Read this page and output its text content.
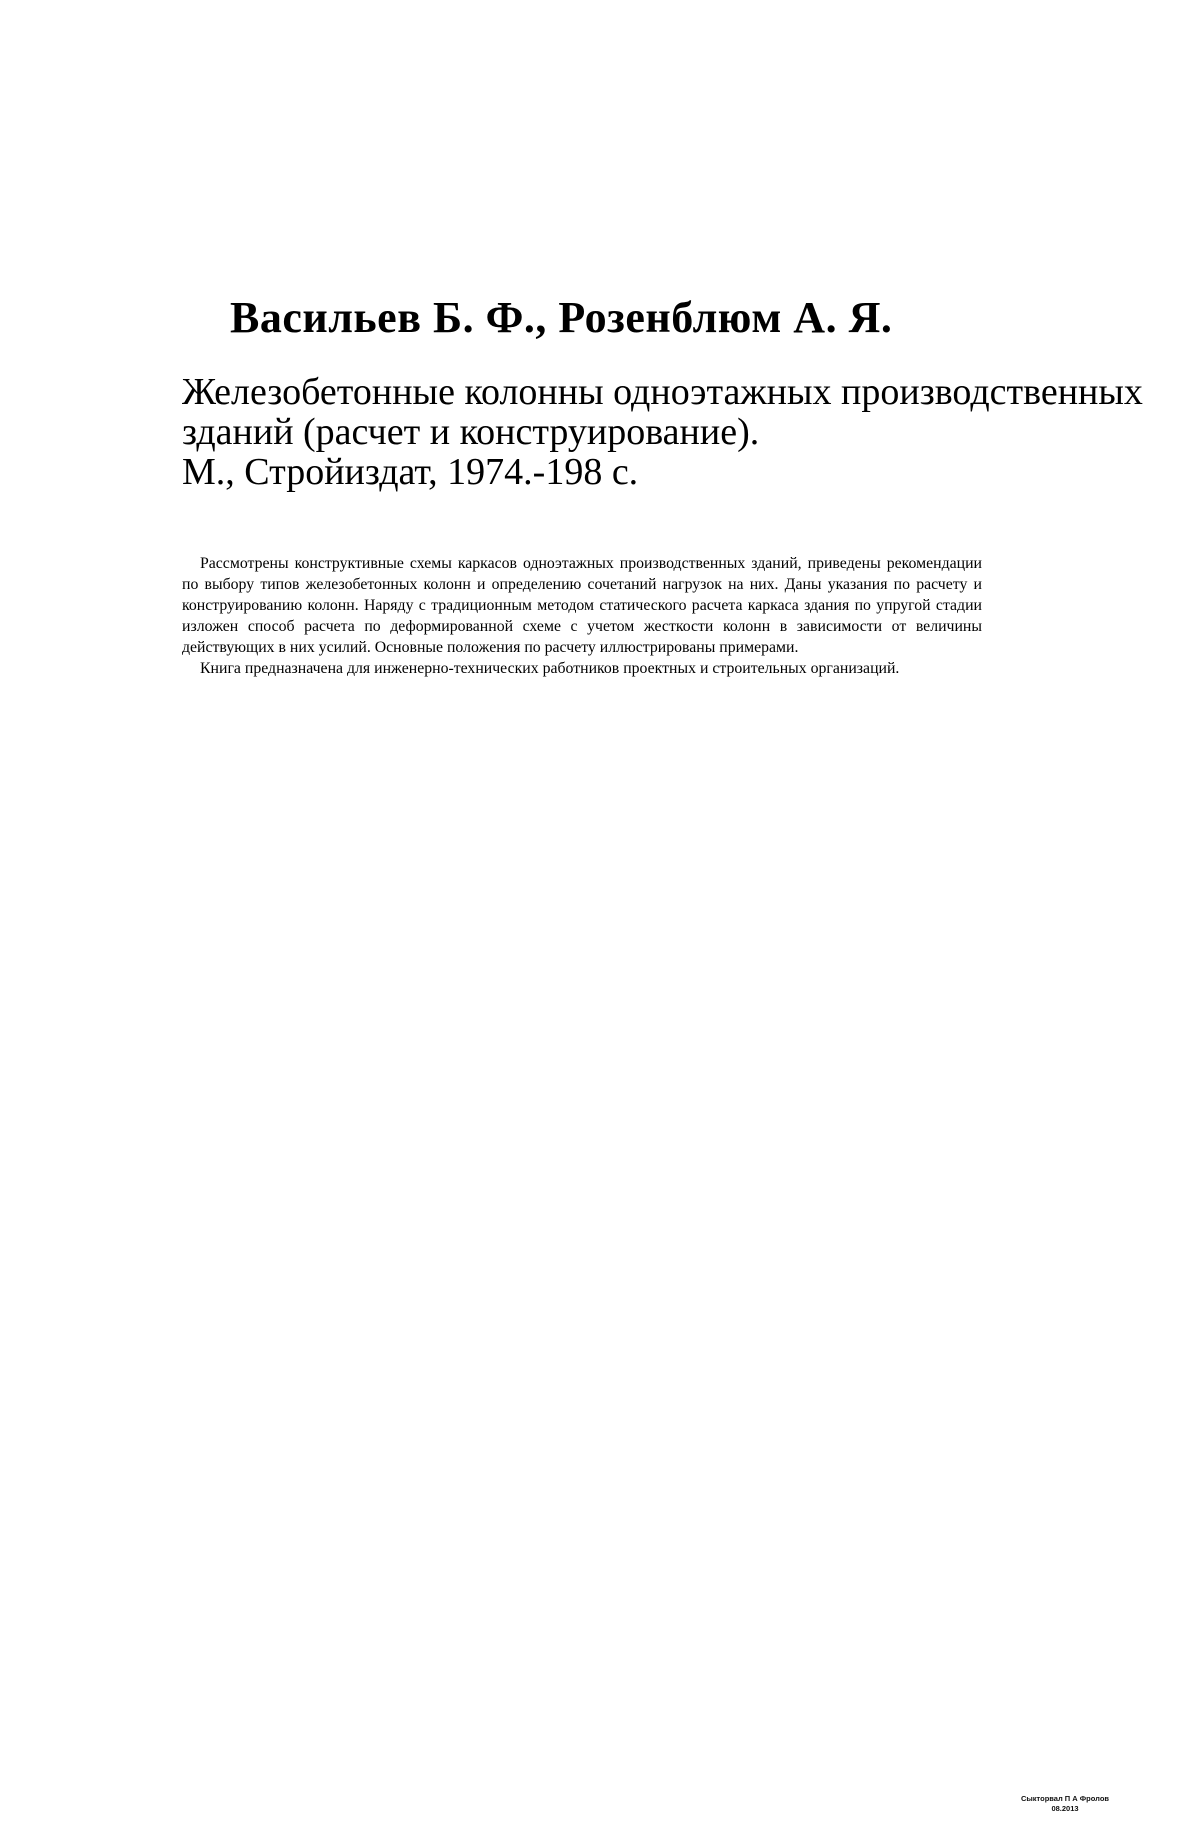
Васильев Б. Ф., Розенблюм А. Я.
Железобетонные колонны одноэтажных производственных
зданий (расчет и конструирование).
М., Стройиздат, 1974.-198 с.

Рассмотрены конструктивные схемы каркасов одноэтажных производственных зданий, приведены рекомендации по выбору типов железобетонных колонн и определению сочетаний нагрузок на них. Даны указания по расчету и конструированию колонн. Наряду с традиционным методом статического расчета каркаса здания по упругой стадии изложен способ расчета по деформированной схеме с учетом жесткости колонн в зависимости от величины действующих в них усилий. Основные положения по расчету иллюстрированы примерами.

Книга предназначена для инженерно-технических работников проектных и строительных организаций.

Сыкторвал П А Фролов
08.2013
